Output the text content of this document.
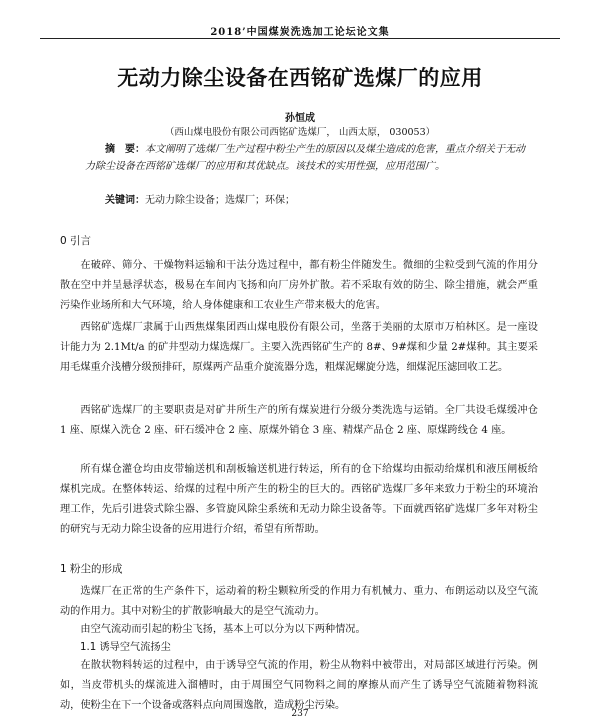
2018’中国煤炭洗选加工论坛论文集
无动力除尘设备在西铭矿选煤厂的应用
孙恒成
（西山煤电股份有限公司西铭矿选煤厂， 山西太原， 030053）
摘　要：本文阐明了选煤厂生产过程中粉尘产生的原因以及煤尘造成的危害，重点介绍关于无动力除尘设备在西铭矿选煤厂的应用和其优缺点。该技术的实用性强，应用范围广。
关键词：无动力除尘设备；选煤厂；环保；
0 引言

在破碎、筛分、干燥物料运输和干法分选过程中，都有粉尘伴随发生。微细的尘粒受到气流的作用分散在空中并呈悬浮状态，极易在车间内飞扬和向厂房外扩散。若不采取有效的防尘、除尘措施，就会严重污染作业场所和大气环境，给人身体健康和工农业生产带来极大的危害。

西铭矿选煤厂隶属于山西焦煤集团西山煤电股份有限公司，坐落于美丽的太原市万柏林区。是一座设计能力为 2.1Mt/a 的矿井型动力煤选煤厂。主要入洗西铭矿生产的 8#、9#煤和少量 2#煤种。其主要采用毛煤重介浅槽分级预排矸，原煤两产品重介旋流器分选，粗煤泥螺旋分选，细煤泥压滤回收工艺。

西铭矿选煤厂的主要职责是对矿井所生产的所有煤炭进行分级分类洗选与运销。全厂共设毛煤缓冲仓 1 座、原煤入洗仓 2 座、矸石缓冲仓 2 座、原煤外销仓 3 座、精煤产品仓 2 座、原煤跨线仓 4 座。

所有煤仓灌仓均由皮带输送机和刮板输送机进行转运，所有的仓下给煤均由振动给煤机和液压闸板给煤机完成。在整体转运、给煤的过程中所产生的粉尘的巨大的。西铭矿选煤厂多年来致力于粉尘的环境治理工作，先后引进袋式除尘器、多管旋风除尘系统和无动力除尘设备等。下面就西铭矿选煤厂多年对粉尘的研究与无动力除尘设备的应用进行介绍，希望有所帮助。

1 粉尘的形成

选煤厂在正常的生产条件下，运动着的粉尘颗粒所受的作用力有机械力、重力、布朗运动以及空气流动的作用力。其中对粉尘的扩散影响最大的是空气流动力。

由空气流动而引起的粉尘飞扬，基本上可以分为以下两种情况。

1.1 诱导空气流扬尘

在散状物料转运的过程中，由于诱导空气流的作用，粉尘从物料中被带出，对局部区域进行污染。例如，当皮带机头的煤流进入溜槽时，由于周围空气同物料之间的摩擦从而产生了诱导空气流随着物料流动，使粉尘在下一个设备或落料点向周围逸散，造成粉尘污染。

237
